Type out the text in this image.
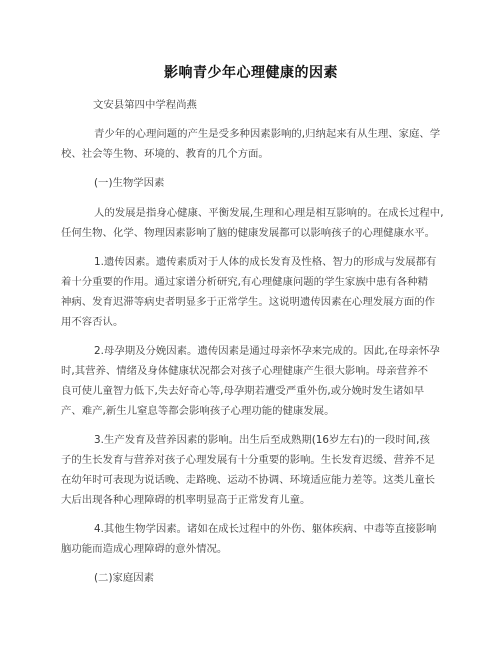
影响青少年心理健康的因素
文安县第四中学程尚燕
青少年的心理问题的产生是受多种因素影响的,归纳起来有从生理、家庭、学
校、社会等生物、环境的、教育的几个方面。
(一)生物学因素
人的发展是指身心健康、平衡发展,生理和心理是相互影响的。在成长过程中,
任何生物、化学、物理因素影响了脑的健康发展都可以影响孩子的心理健康水平。
1.遗传因素。遗传素质对于人体的成长发育及性格、智力的形成与发展都有
着十分重要的作用。通过家谱分析研究,有心理健康问题的学生家族中患有各种精
神病、发育迟滞等病史者明显多于正常学生。这说明遗传因素在心理发展方面的作
用不容否认。
2.母孕期及分娩因素。遗传因素是通过母亲怀孕来完成的。因此,在母亲怀孕
时,其营养、情绪及身体健康状况都会对孩子心理健康产生很大影响。母亲营养不
良可使儿童智力低下,失去好奇心等,母孕期若遭受严重外伤,或分娩时发生诸如早
产、难产,新生儿窒息等都会影响孩子心理功能的健康发展。
3.生产发育及营养因素的影响。出生后至成熟期(16岁左右)的一段时间,孩
子的生长发育与营养对孩子心理发展有十分重要的影响。生长发育迟缓、营养不足
在幼年时可表现为说话晚、走路晚、运动不协调、环境适应能力差等。这类儿童长
大后出现各种心理障碍的机率明显高于正常发育儿童。
4.其他生物学因素。诸如在成长过程中的外伤、躯体疾病、中毒等直接影响
脑功能而造成心理障碍的意外情况。
(二)家庭因素
